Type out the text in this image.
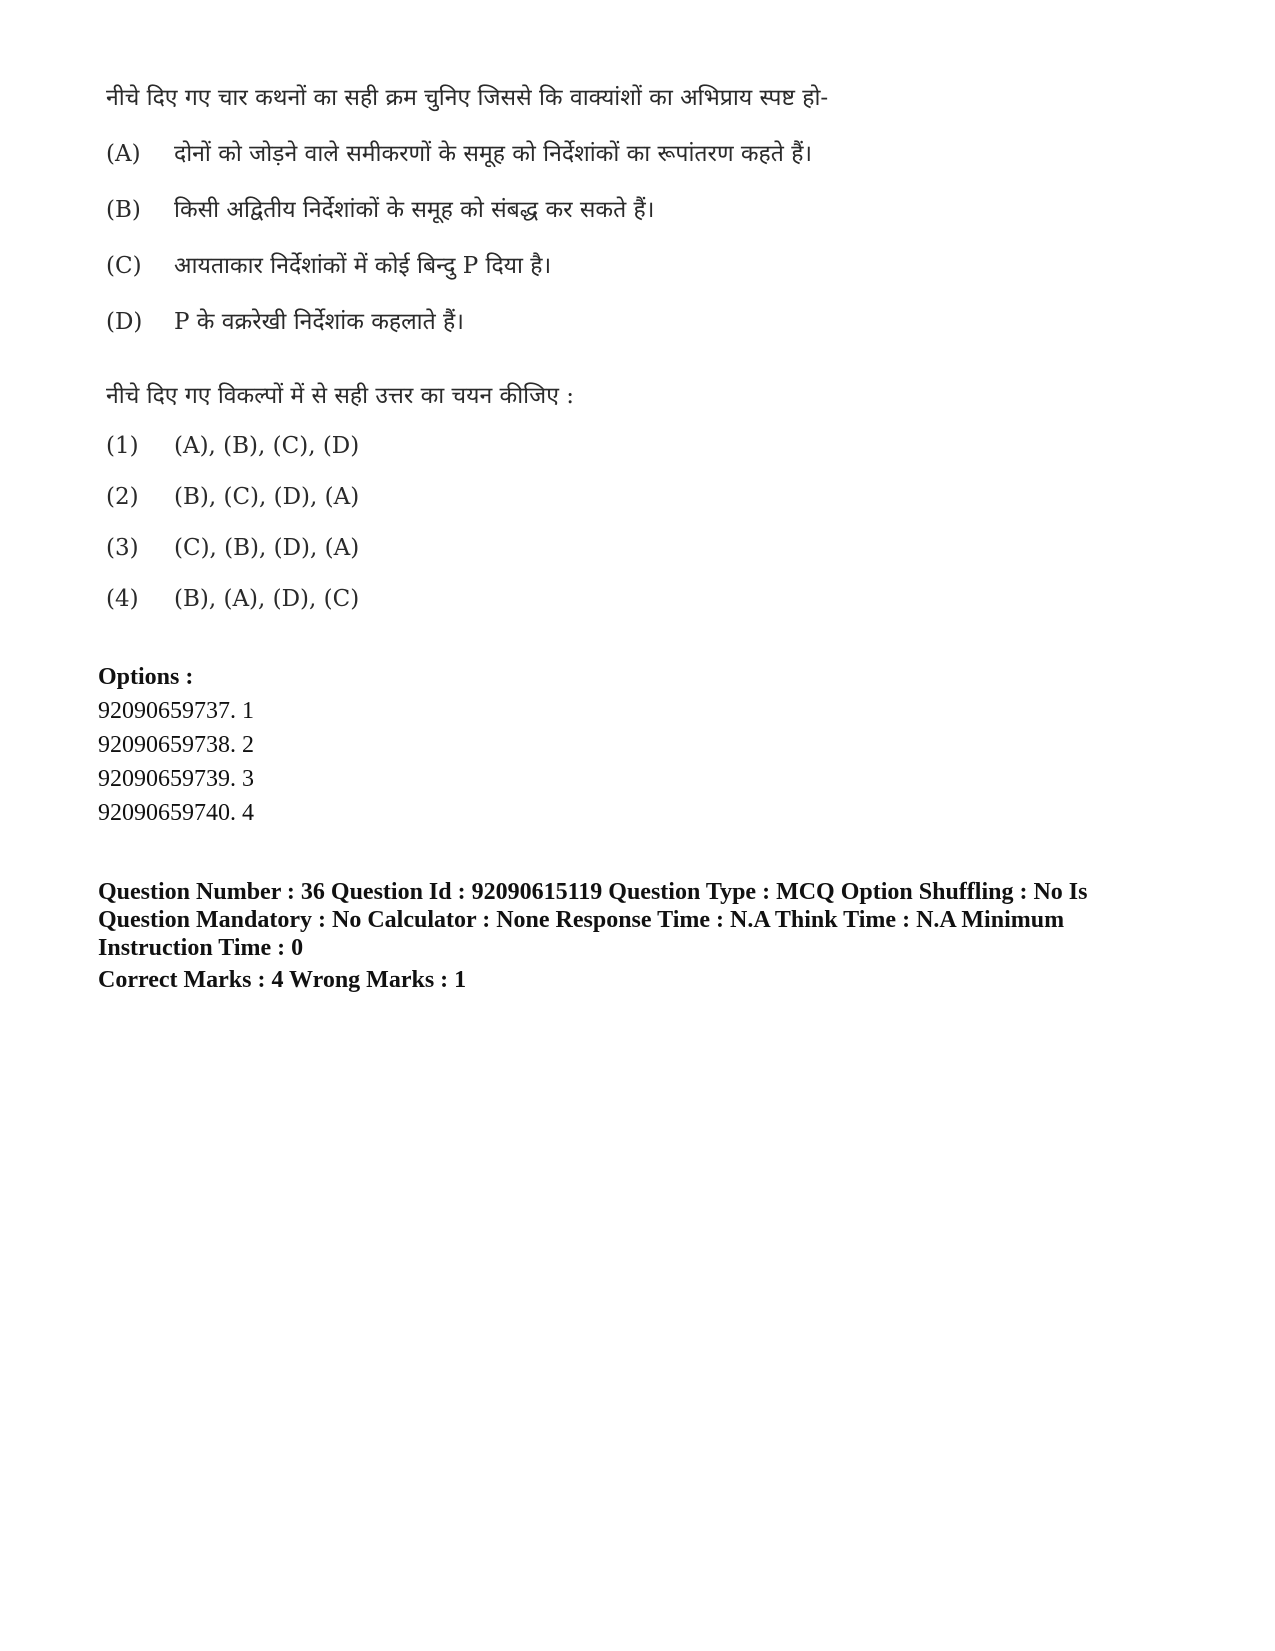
नीचे दिए गए चार कथनों का सही क्रम चुनिए जिससे कि वाक्यांशों का अभिप्राय स्पष्ट हो-
(A) दोनों को जोड़ने वाले समीकरणों के समूह को निर्देशांकों का रूपांतरण कहते हैं।
(B) किसी अद्वितीय निर्देशांकों के समूह को संबद्ध कर सकते हैं।
(C) आयताकार निर्देशांकों में कोई बिन्दु P दिया है।
(D) P के वक्ररेखी निर्देशांक कहलाते हैं।
नीचे दिए गए विकल्पों में से सही उत्तर का चयन कीजिए :
(1) (A), (B), (C), (D)
(2) (B), (C), (D), (A)
(3) (C), (B), (D), (A)
(4) (B), (A), (D), (C)
Options :
92090659737. 1
92090659738. 2
92090659739. 3
92090659740. 4
Question Number : 36 Question Id : 92090615119 Question Type : MCQ Option Shuffling : No Is Question Mandatory : No Calculator : None Response Time : N.A Think Time : N.A Minimum Instruction Time : 0
Correct Marks : 4 Wrong Marks : 1
